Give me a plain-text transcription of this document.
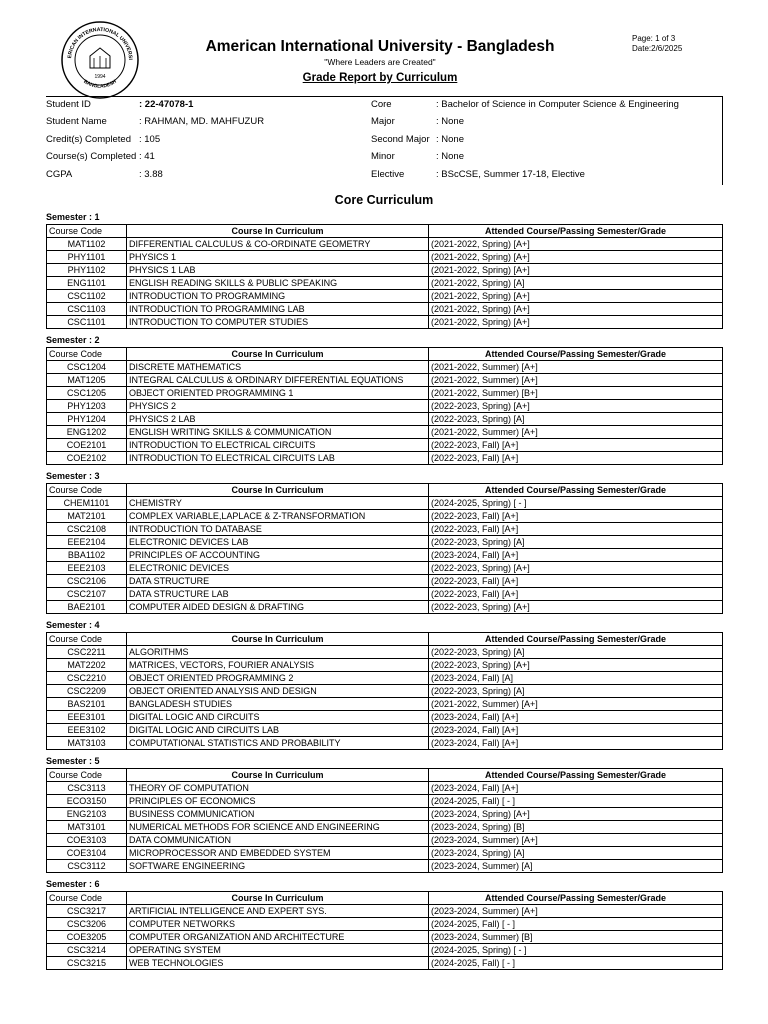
ERICAN INTERNATIONAL UNIVERSI
BANGLADESH
1994
American International University - Bangladesh
"Where Leaders are Created"
Grade Report by Curriculum
Page: 1 of 3
Date:2/6/2025
Student ID	: 22-47078-1	Core	: Bachelor of Science in Computer Science & Engineering
Student Name	: RAHMAN, MD. MAHFUZUR	Major	: None
Credit(s) Completed : 105	Second Major : None
Course(s) Completed : 41	Minor	: None
CGPA	: 3.88	Elective	: BScCSE, Summer 17-18, Elective
Core Curriculum
Semester : 1
Course Code	Course In Curriculum	Attended Course/Passing Semester/Grade
MAT1102	DIFFERENTIAL CALCULUS & CO-ORDINATE GEOMETRY	(2021-2022, Spring) [A+]
PHY1101	PHYSICS 1	(2021-2022, Spring) [A+]
PHY1102	PHYSICS 1 LAB	(2021-2022, Spring) [A+]
ENG1101	ENGLISH READING SKILLS & PUBLIC SPEAKING	(2021-2022, Spring) [A]
CSC1102	INTRODUCTION TO PROGRAMMING	(2021-2022, Spring) [A+]
CSC1103	INTRODUCTION TO PROGRAMMING LAB	(2021-2022, Spring) [A+]
CSC1101	INTRODUCTION TO COMPUTER STUDIES	(2021-2022, Spring) [A+]
Semester : 2
Course Code	Course In Curriculum	Attended Course/Passing Semester/Grade
CSC1204	DISCRETE MATHEMATICS	(2021-2022, Summer) [A+]
MAT1205	INTEGRAL CALCULUS & ORDINARY DIFFERENTIAL EQUATIONS	(2021-2022, Summer) [A+]
CSC1205	OBJECT ORIENTED PROGRAMMING 1	(2021-2022, Summer) [B+]
PHY1203	PHYSICS 2	(2022-2023, Spring) [A+]
PHY1204	PHYSICS 2 LAB	(2022-2023, Spring) [A]
ENG1202	ENGLISH WRITING SKILLS & COMMUNICATION	(2021-2022, Summer) [A+]
COE2101	INTRODUCTION TO ELECTRICAL CIRCUITS	(2022-2023, Fall) [A+]
COE2102	INTRODUCTION TO ELECTRICAL CIRCUITS LAB	(2022-2023, Fall) [A+]
Semester : 3
Course Code	Course In Curriculum	Attended Course/Passing Semester/Grade
CHEM1101	CHEMISTRY	(2024-2025, Spring) [ - ]
MAT2101	COMPLEX VARIABLE,LAPLACE & Z-TRANSFORMATION	(2022-2023, Fall) [A+]
CSC2108	INTRODUCTION TO DATABASE	(2022-2023, Fall) [A+]
EEE2104	ELECTRONIC DEVICES LAB	(2022-2023, Spring) [A]
BBA1102	PRINCIPLES OF ACCOUNTING	(2023-2024, Fall) [A+]
EEE2103	ELECTRONIC DEVICES	(2022-2023, Spring) [A+]
CSC2106	DATA STRUCTURE	(2022-2023, Fall) [A+]
CSC2107	DATA STRUCTURE LAB	(2022-2023, Fall) [A+]
BAE2101	COMPUTER AIDED DESIGN & DRAFTING	(2022-2023, Spring) [A+]
Semester : 4
Course Code	Course In Curriculum	Attended Course/Passing Semester/Grade
CSC2211	ALGORITHMS	(2022-2023, Spring) [A]
MAT2202	MATRICES, VECTORS, FOURIER ANALYSIS	(2022-2023, Spring) [A+]
CSC2210	OBJECT ORIENTED PROGRAMMING 2	(2023-2024, Fall) [A]
CSC2209	OBJECT ORIENTED ANALYSIS AND DESIGN	(2022-2023, Spring) [A]
BAS2101	BANGLADESH STUDIES	(2021-2022, Summer) [A+]
EEE3101	DIGITAL LOGIC AND CIRCUITS	(2023-2024, Fall) [A+]
EEE3102	DIGITAL LOGIC AND CIRCUITS LAB	(2023-2024, Fall) [A+]
MAT3103	COMPUTATIONAL STATISTICS AND PROBABILITY	(2023-2024, Fall) [A+]
Semester : 5
Course Code	Course In Curriculum	Attended Course/Passing Semester/Grade
CSC3113	THEORY OF COMPUTATION	(2023-2024, Fall) [A+]
ECO3150	PRINCIPLES OF ECONOMICS	(2024-2025, Fall) [ - ]
ENG2103	BUSINESS COMMUNICATION	(2023-2024, Spring) [A+]
MAT3101	NUMERICAL METHODS FOR SCIENCE AND ENGINEERING	(2023-2024, Spring) [B]
COE3103	DATA COMMUNICATION	(2023-2024, Summer) [A+]
COE3104	MICROPROCESSOR AND EMBEDDED SYSTEM	(2023-2024, Spring) [A]
CSC3112	SOFTWARE ENGINEERING	(2023-2024, Summer) [A]
Semester : 6
Course Code	Course In Curriculum	Attended Course/Passing Semester/Grade
CSC3217	ARTIFICIAL INTELLIGENCE AND EXPERT SYS.	(2023-2024, Summer) [A+]
CSC3206	COMPUTER NETWORKS	(2024-2025, Fall) [ - ]
COE3205	COMPUTER ORGANIZATION AND ARCHITECTURE	(2023-2024, Summer) [B]
CSC3214	OPERATING SYSTEM	(2024-2025, Spring) [ - ]
CSC3215	WEB TECHNOLOGIES	(2024-2025, Fall) [ - ]
